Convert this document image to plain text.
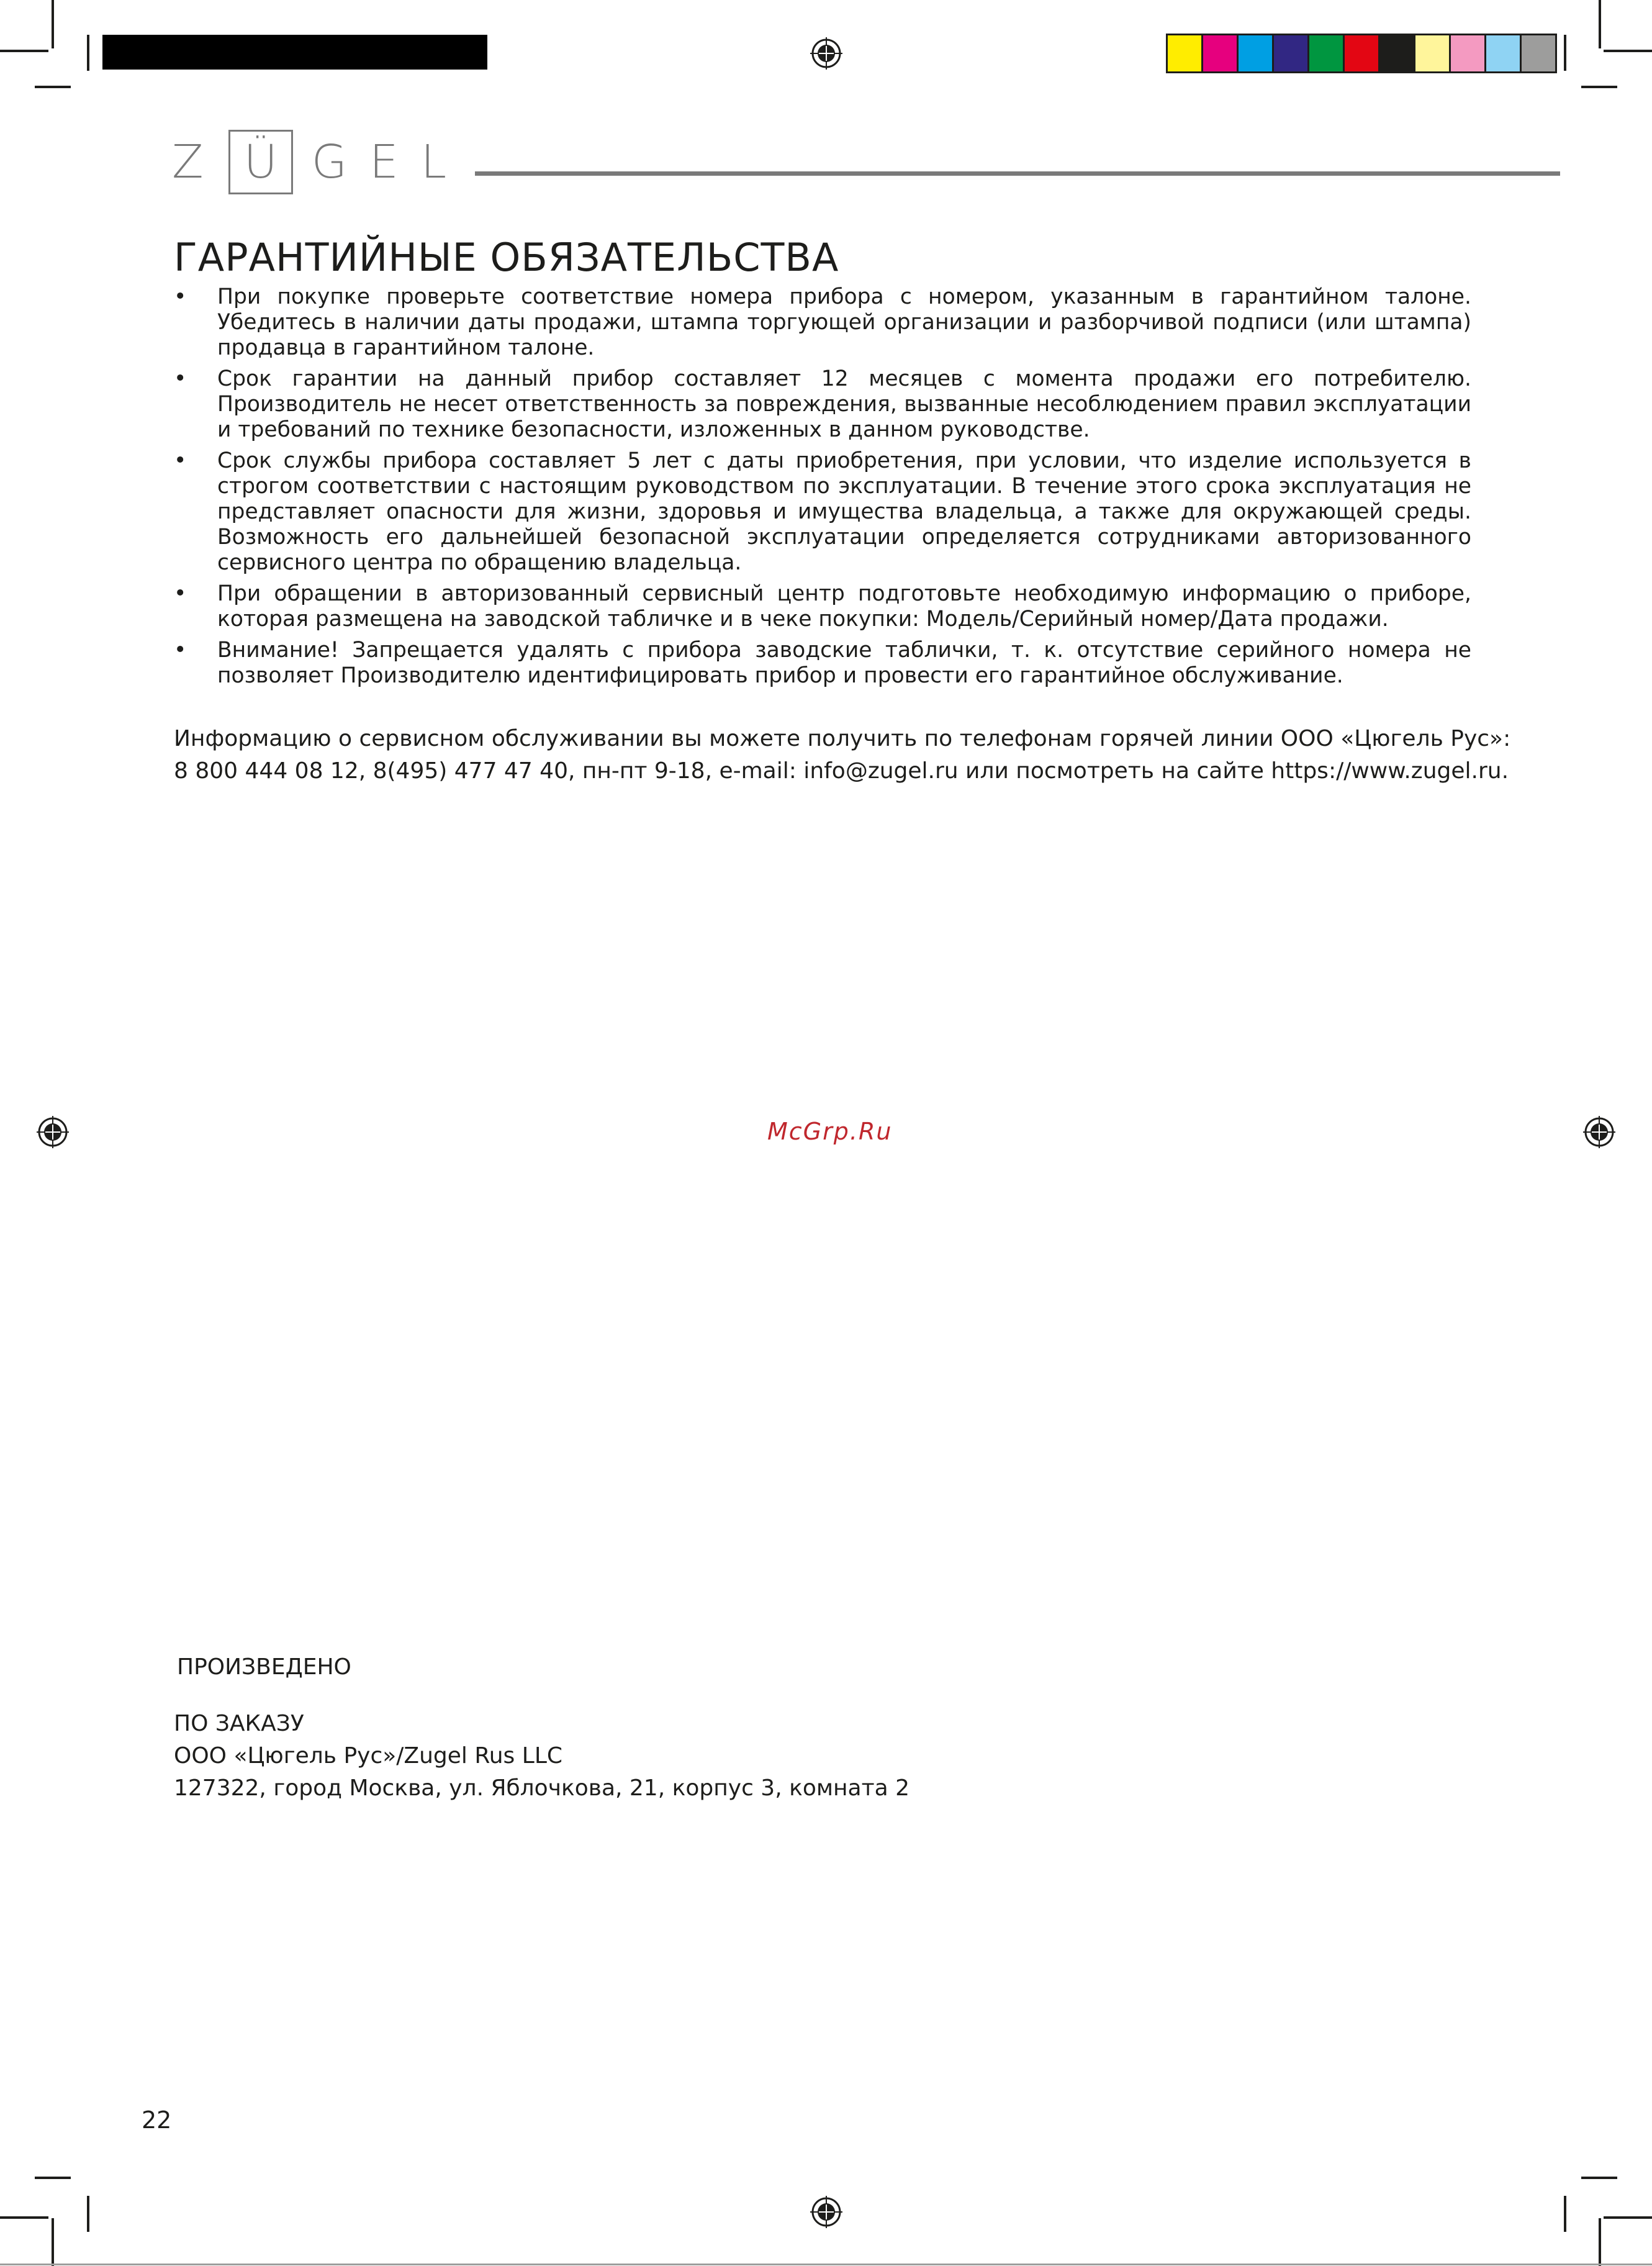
Z Ü G E L
ГАРАНТИЙНЫЕ ОБЯЗАТЕЛЬСТВА
• При покупке проверьте соответствие номера прибора с номером, указанным в гарантийном талоне. Убедитесь в наличии даты продажи, штампа торгующей организации и разборчивой подписи (или штампа) продавца в гарантийном талоне.
• Срок гарантии на данный прибор составляет 12 месяцев с момента продажи его потребителю. Производитель не несет ответственность за повреждения, вызванные несоблюдением правил эксплуатации и требований по технике безопасности, изложенных в данном руководстве.
• Срок службы прибора составляет 5 лет с даты приобретения, при условии, что изделие используется в строгом соответствии с настоящим руководством по эксплуатации. В течение этого срока эксплуатация не представляет опасности для жизни, здоровья и имущества владельца, а также для окружающей среды. Возможность его дальнейшей безопасной эксплуатации определяется сотрудниками авторизованного сервисного центра по обращению владельца.
• При обращении в авторизованный сервисный центр подготовьте необходимую информацию о приборе, которая размещена на заводской табличке и в чеке покупки: Модель/Серийный номер/Дата продажи.
• Внимание! Запрещается удалять с прибора заводские таблички, т. к. отсутствие серийного номера не позволяет Производителю идентифицировать прибор и провести его гарантийное обслуживание.
Информацию о сервисном обслуживании вы можете получить по телефонам горячей линии ООО «Цюгель Рус»:
8 800 444 08 12, 8(495) 477 47 40, пн-пт 9-18, e-mail: info@zugel.ru или посмотреть на сайте https://www.zugel.ru.
McGrp.Ru
ПРОИЗВЕДЕНО
ПО ЗАКАЗУ
ООО «Цюгель Рус»/Zugel Rus LLC
127322, город Москва, ул. Яблочкова, 21, корпус 3, комната 2
22
